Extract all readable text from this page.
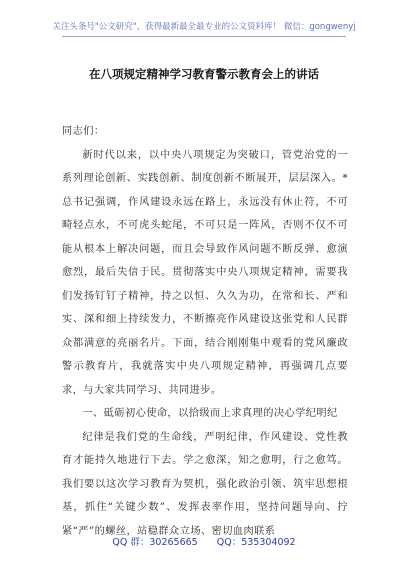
关注头条号"公文研究"，获得最新最全最专业的公文资料库！ 微信：gongwenyj
在八项规定精神学习教育警示教育会上的讲话

同志们：

新时代以来，以中央八项规定为突破口，管党治党的一系列理论创新、实践创新、制度创新不断展开，层层深入。*总书记强调，作风建设永远在路上，永远没有休止符，不可畸轻点水，不可虎头蛇尾，不可只是一阵风，否则不仅不可能从根本上解决问题，而且会导致作风问题不断反弹、愈演愈烈，最后失信于民。贯彻落实中央八项规定精神，需要我们发扬钉钉子精神，持之以恒、久久为功，在常和长、严和实、深和细上持续发力，不断擦亮作风建设这张党和人民群众都满意的亮丽名片。下面，结合刚刚集中观看的党风廉政警示教育片，我就落实中央八项规定精神，再强调几点要求，与大家共同学习、共同进步。

一、砥砺初心使命，以拾级而上求真理的决心学纪明纪

纪律是我们党的生命线，严明纪律，作风建设、党性教育才能持久地进行下去。学之愈深，知之愈明，行之愈笃。我们要以这次学习教育为契机，强化政治引领、筑牢思想根基，抓住“关键少数”、发挥表率作用，坚持问题导向、拧紧“严”的螺丝，站稳群众立场、密切血肉联系

QQ 群：30265665 QQ：535304092
